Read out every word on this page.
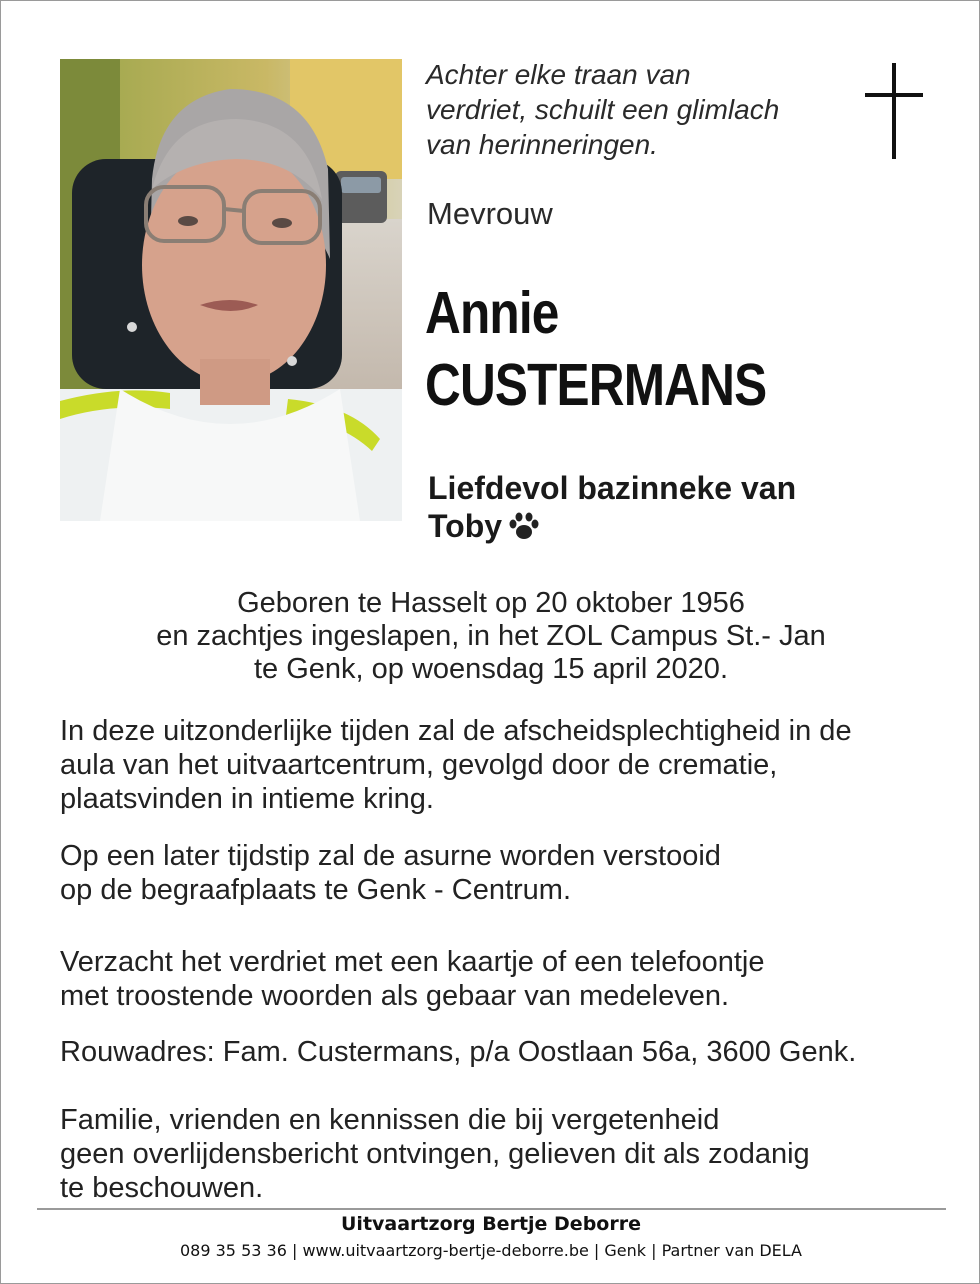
Achter elke traan van
verdriet, schuilt een glimlach
van herinneringen.

Mevrouw

Annie

CUSTERMANS

Liefdevol bazinneke van
Toby

Geboren te Hasselt op 20 oktober 1956
en zachtjes ingeslapen, in het ZOL Campus St.- Jan
te Genk, op woensdag 15 april 2020.

In deze uitzonderlijke tijden zal de afscheidsplechtigheid in de
aula van het uitvaartcentrum, gevolgd door de crematie,
plaatsvinden in intieme kring.

Op een later tijdstip zal de asurne worden verstooid
op de begraafplaats te Genk - Centrum.

Verzacht het verdriet met een kaartje of een telefoontje
met troostende woorden als gebaar van medeleven.

Rouwadres: Fam. Custermans, p/a Oostlaan 56a, 3600 Genk.

Familie, vrienden en kennissen die bij vergetenheid
geen overlijdensbericht ontvingen, gelieven dit als zodanig
te beschouwen.

Uitvaartzorg Bertje Deborre
089 35 53 36 | www.uitvaartzorg-bertje-deborre.be | Genk | Partner van DELA
